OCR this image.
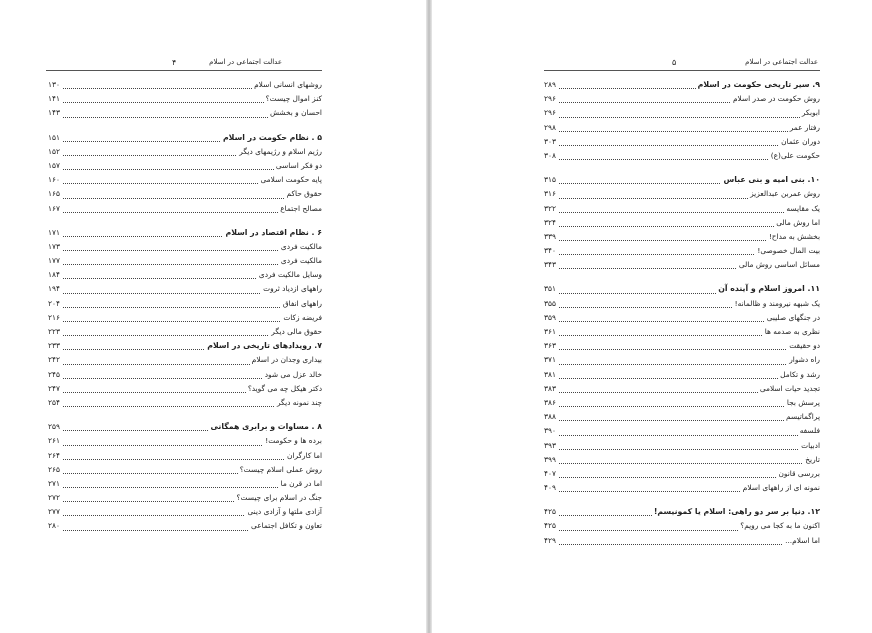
عدالت اجتماعی در اسلام
۴
روشهای انسانی اسلام
۱۳۰
کنز اموال چیست؟
۱۴۱
احسان و بخشش
۱۴۳
۵ . نظام حکومت در اسلام
۱۵۱
رژیم اسلام و رژیمهای دیگر
۱۵۲
دو فکر اساسی
۱۵۷
پایه حکومت اسلامی
۱۶۰
حقوق حاکم
۱۶۵
مصالح اجتماع
۱۶۷
۶ . نظام اقتصاد در اسلام
۱۷۱
مالکیت فردی
۱۷۳
مالکیت فردی
۱۷۷
وسایل مالکیت فردی
۱۸۴
راههای ازدیاد ثروت
۱۹۴
راههای انفاق
۲۰۴
فریضه زکات
۲۱۶
حقوق مالی دیگر
۲۲۳
۷. رویدادهای تاریخی در اسلام
۲۳۳
بیداری وجدان در اسلام
۲۴۲
خالد عزل می شود
۲۴۵
دکتر هیکل چه می گوید؟
۲۴۷
چند نمونه دیگر
۲۵۴
۸ . مساوات و برابری همگانی
۲۵۹
برده ها و حکومت!
۲۶۱
اما کارگران
۲۶۴
روش عملی اسلام چیست؟
۲۶۵
اما در قرن ما
۲۷۱
جنگ در اسلام برای چیست؟
۲۷۲
آزادی ملتها و آزادی دینی
۲۷۷
تعاون و تکافل اجتماعی
۲۸۰
عدالت اجتماعی در اسلام
۵
۹. سیر تاریخی حکومت در اسلام
۲۸۹
روش حکومت در صدر اسلام
۲۹۶
ابوبکر
۲۹۶
رفتار عمر
۲۹۸
دوران عثمان
۳۰۳
حکومت علی(ع)
۳۰۸
۱۰. بنی امیه و بنی عباس
۳۱۵
روش عمربن عبدالعزیز
۳۱۶
یک مقایسه
۳۲۲
اما روش مالی
۳۲۴
بخشش به مداح!
۳۳۹
بیت المال خصوصی!
۳۴۰
مسائل اساسی روش مالی
۳۴۳
۱۱. امروز اسلام و آینده آن
۳۵۱
یک شبهه نیرومند و ظالمانه!
۳۵۵
در جنگهای صلیبی
۳۵۹
نظری به صدمه ها
۳۶۱
دو حقیقت
۳۶۳
راه دشوار
۳۷۱
رشد و تکامل
۳۸۱
تجدید حیات اسلامی
۳۸۳
پرسش بجا
۳۸۶
پراگماتیسم
۳۸۸
فلسفه
۳۹۰
ادبیات
۳۹۳
تاریخ
۳۹۹
بررسی قانون
۴۰۷
نمونه ای از راههای اسلام
۴۰۹
۱۲. دنیا بر سر دو راهی: اسلام یا کمونیسم!
۴۲۵
اکنون ما به کجا می رویم؟
۴۲۵
اما اسلام...
۴۲۹
